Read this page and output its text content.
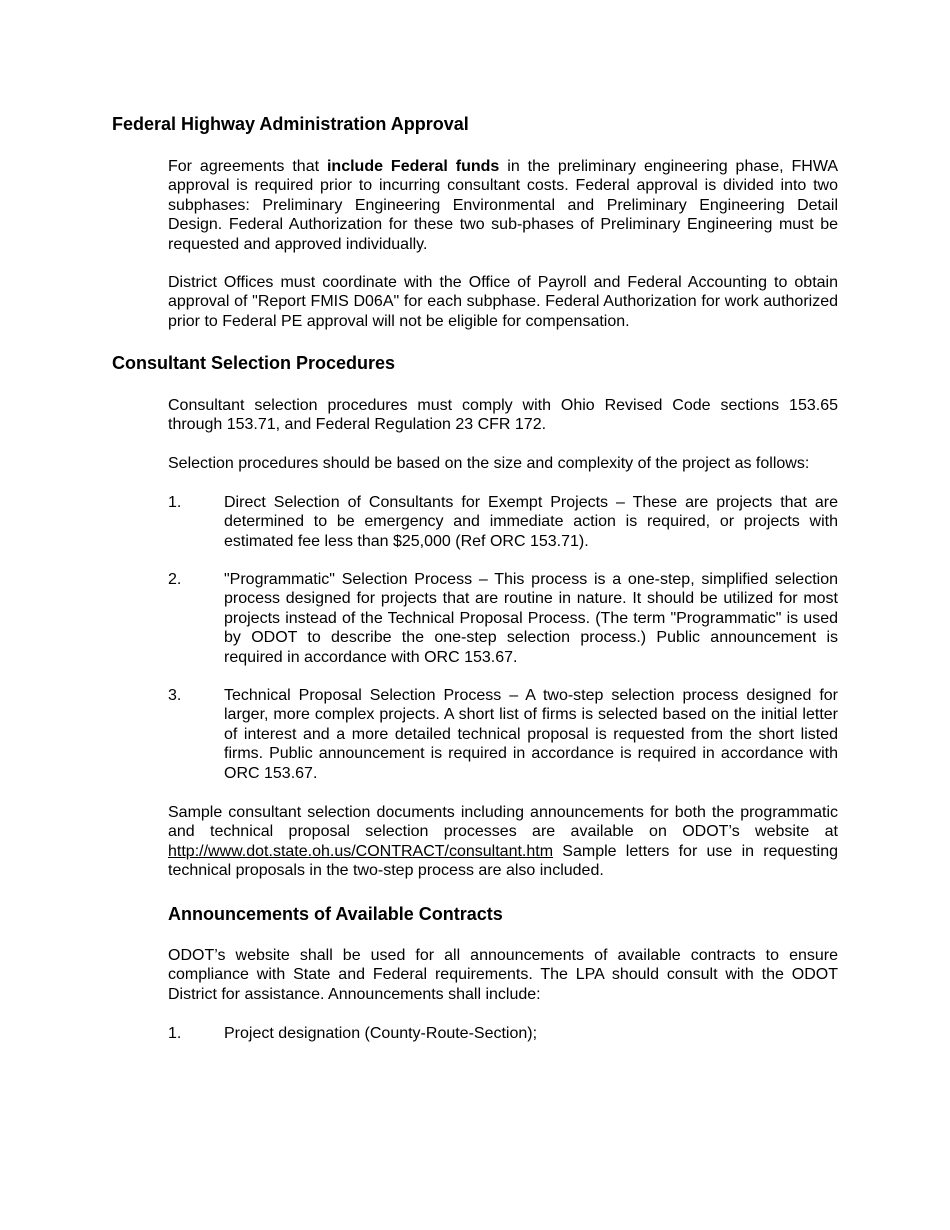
Federal Highway Administration Approval

For agreements that include Federal funds in the preliminary engineering phase, FHWA approval is required prior to incurring consultant costs. Federal approval is divided into two subphases: Preliminary Engineering Environmental and Preliminary Engineering Detail Design. Federal Authorization for these two sub-phases of Preliminary Engineering must be requested and approved individually.

District Offices must coordinate with the Office of Payroll and Federal Accounting to obtain approval of "Report FMIS D06A" for each subphase. Federal Authorization for work authorized prior to Federal PE approval will not be eligible for compensation.

Consultant Selection Procedures

Consultant selection procedures must comply with Ohio Revised Code sections 153.65 through 153.71, and Federal Regulation 23 CFR 172.

Selection procedures should be based on the size and complexity of the project as follows:

1.	Direct Selection of Consultants for Exempt Projects – These are projects that are determined to be emergency and immediate action is required, or projects with estimated fee less than $25,000 (Ref ORC 153.71).
2.	"Programmatic" Selection Process – This process is a one-step, simplified selection process designed for projects that are routine in nature. It should be utilized for most projects instead of the Technical Proposal Process. (The term "Programmatic" is used by ODOT to describe the one-step selection process.) Public announcement is required in accordance with ORC 153.67.
3.	Technical Proposal Selection Process – A two-step selection process designed for larger, more complex projects. A short list of firms is selected based on the initial letter of interest and a more detailed technical proposal is requested from the short listed firms. Public announcement is required in accordance is required in accordance with ORC 153.67.

Sample consultant selection documents including announcements for both the programmatic and technical proposal selection processes are available on ODOT’s website at http://www.dot.state.oh.us/CONTRACT/consultant.htm Sample letters for use in requesting technical proposals in the two-step process are also included.

Announcements of Available Contracts

ODOT’s website shall be used for all announcements of available contracts to ensure compliance with State and Federal requirements. The LPA should consult with the ODOT District for assistance. Announcements shall include:

1.	Project designation (County-Route-Section);
